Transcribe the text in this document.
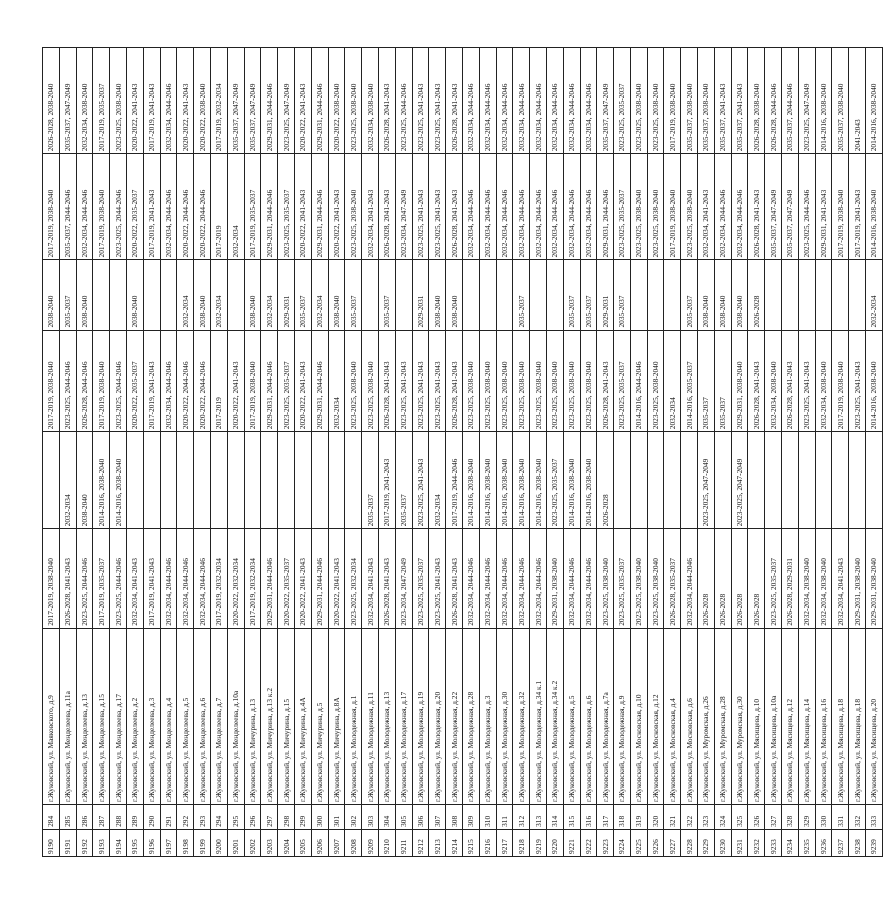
9190	284	г.Жуковский, ул. Маяковского, д.9	2017-2019, 2038-2040		2017-2019, 2038-2040	2038-2040	2017-2019, 2038-2040	2026-2028, 2038-2040
9191	285	г.Жуковский, ул. Менделеева, д.11а	2026-2028, 2041-2043	2032-2034	2023-2025, 2044-2046	2035-2037	2035-2037, 2044-2046	2035-2037, 2047-2049
9192	286	г.Жуковский, ул. Менделеева, д.13	2023-2025, 2044-2046	2038-2040	2026-2028, 2044-2046	2038-2040	2032-2034, 2044-2046	2032-2034, 2038-2040
9193	287	г.Жуковский, ул. Менделеева, д.15	2017-2019, 2035-2037	2014-2016, 2038-2040	2017-2019, 2038-2040		2017-2019, 2038-2040	2017-2019, 2035-2037
9194	288	г.Жуковский, ул. Менделеева, д.17	2023-2025, 2044-2046	2014-2016, 2038-2040	2023-2025, 2044-2046		2023-2025, 2044-2046	2023-2025, 2038-2040
9195	289	г.Жуковский, ул. Менделеева, д.2	2032-2034, 2041-2043		2020-2022, 2035-2037	2038-2040	2020-2022, 2035-2037	2020-2022, 2041-2043
9196	290	г.Жуковский, ул. Менделеева, д.3	2017-2019, 2041-2043		2017-2019, 2041-2043		2017-2019, 2041-2043	2017-2019, 2041-2043
9197	291	г.Жуковский, ул. Менделеева, д.4	2032-2034, 2044-2046		2032-2034, 2044-2046		2032-2034, 2044-2046	2032-2034, 2044-2046
9198	292	г.Жуковский, ул. Менделеева, д.5	2032-2034, 2044-2046		2020-2022, 2044-2046	2032-2034	2020-2022, 2044-2046	2020-2022, 2041-2043
9199	293	г.Жуковский, ул. Менделеева, д.6	2032-2034, 2044-2046		2020-2022, 2044-2046	2038-2040	2020-2022, 2044-2046	2020-2022, 2038-2040
9200	294	г.Жуковский, ул. Менделеева, д.7	2017-2019, 2032-2034		2017-2019	2032-2034	2017-2019	2017-2019, 2032-2034
9201	295	г.Жуковский, ул. Менделеева, д.10а	2020-2022, 2032-2034		2020-2022, 2041-2043		2032-2034	2035-2037, 2047-2049
9202	296	г.Жуковский, ул. Мичурина, д.13	2017-2019, 2032-2034		2017-2019, 2038-2040	2038-2040	2017-2019, 2035-2037	2035-2037, 2047-2049
9203	297	г.Жуковский, ул. Мичурина, д.13 к.2	2029-2031, 2044-2046		2029-2031, 2044-2046	2032-2034	2029-2031, 2044-2046	2029-2031, 2044-2046
9204	298	г.Жуковский, ул. Мичурина, д.15	2020-2022, 2035-2037		2023-2025, 2035-2037	2029-2031	2023-2025, 2035-2037	2023-2025, 2047-2049
9205	299	г.Жуковский, ул. Мичурина, д.4А	2020-2022, 2041-2043		2020-2022, 2041-2043	2035-2037	2020-2022, 2041-2043	2020-2022, 2041-2043
9206	300	г.Жуковский, ул. Мичурина, д.5	2029-2031, 2044-2046		2029-2031, 2044-2046	2032-2034	2029-2031, 2044-2046	2029-2031, 2044-2046
9207	301	г.Жуковский, ул. Мичурина, д.8А	2020-2022, 2041-2043		2032-2034	2038-2040	2020-2022, 2041-2043	2020-2022, 2038-2040
9208	302	г.Жуковский, ул. Молодежная, д.1	2023-2025, 2032-2034		2023-2025, 2038-2040	2035-2037	2023-2025, 2038-2040	2023-2025, 2038-2040
9209	303	г.Жуковский, ул. Молодежная, д.11	2032-2034, 2041-2043	2035-2037	2023-2025, 2038-2040		2032-2034, 2041-2043	2032-2034, 2038-2040
9210	304	г.Жуковский, ул. Молодежная, д.13	2026-2028, 2041-2043	2017-2019, 2041-2043	2026-2028, 2041-2043	2035-2037	2026-2028, 2041-2043	2026-2028, 2041-2043
9211	305	г.Жуковский, ул. Молодежная, д.17	2023-2034, 2047-2049	2035-2037	2023-2025, 2041-2043		2023-2034, 2047-2049	2023-2025, 2044-2046
9212	306	г.Жуковский, ул. Молодежная, д.19	2023-2025, 2035-2037	2023-2025, 2041-2043	2023-2025, 2041-2043	2029-2031	2023-2025, 2041-2043	2023-2025, 2041-2043
9213	307	г.Жуковский, ул. Молодежная, д.20	2023-2025, 2041-2043	2032-2034	2023-2025, 2041-2043	2038-2040	2023-2025, 2041-2043	2023-2025, 2041-2043
9214	308	г.Жуковский, ул. Молодежная, д.22	2026-2028, 2041-2043	2017-2019, 2044-2046	2026-2028, 2041-2043	2038-2040	2026-2028, 2041-2043	2026-2028, 2041-2043
9215	309	г.Жуковский, ул. Молодежная, д.28	2032-2034, 2044-2046	2014-2016, 2038-2040	2023-2025, 2038-2040		2032-2034, 2044-2046	2032-2034, 2044-2046
9216	310	г.Жуковский, ул. Молодежная, д.3	2032-2034, 2044-2046	2014-2016, 2038-2040	2023-2025, 2038-2040		2032-2034, 2044-2046	2032-2034, 2044-2046
9217	311	г.Жуковский, ул. Молодежная, д.30	2032-2034, 2044-2046	2014-2016, 2038-2040	2023-2025, 2038-2040		2032-2034, 2044-2046	2032-2034, 2044-2046
9218	312	г.Жуковский, ул. Молодежная, д.32	2032-2034, 2044-2046	2014-2016, 2038-2040	2023-2025, 2038-2040	2035-2037	2032-2034, 2044-2046	2032-2034, 2044-2046
9219	313	г.Жуковский, ул. Молодежная, д.34 к.1	2032-2034, 2044-2046	2014-2016, 2038-2040	2023-2025, 2038-2040		2032-2034, 2044-2046	2032-2034, 2044-2046
9220	314	г.Жуковский, ул. Молодежная, д.34 к.2	2029-2031, 2038-2040	2023-2025, 2035-2037	2023-2025, 2038-2040		2032-2034, 2044-2046	2032-2034, 2044-2046
9221	315	г.Жуковский, ул. Молодежная, д.5	2032-2034, 2044-2046	2014-2016, 2038-2040	2023-2025, 2038-2040	2035-2037	2032-2034, 2044-2046	2032-2034, 2044-2046
9222	316	г.Жуковский, ул. Молодежная, д.6	2032-2034, 2044-2046	2014-2016, 2038-2040	2023-2025, 2038-2040	2035-2037	2032-2034, 2044-2046	2032-2034, 2044-2046
9223	317	г.Жуковский, ул. Молодежная, д.7а	2023-2025, 2038-2040	2026-2028	2026-2028, 2041-2043	2029-2031	2029-2031, 2044-2046	2035-2037, 2047-2049
9224	318	г.Жуковский, ул. Молодежная, д.9	2023-2025, 2035-2037		2023-2025, 2035-2037	2035-2037	2023-2025, 2035-2037	2023-2025, 2035-2037
9225	319	г.Жуковский, ул. Московская, д.10	2023-2025, 2038-2040		2014-2016, 2044-2046		2023-2025, 2038-2040	2023-2025, 2038-2040
9226	320	г.Жуковский, ул. Московская, д.12	2023-2025, 2038-2040		2023-2025, 2038-2040		2023-2025, 2038-2040	2023-2025, 2038-2040
9227	321	г.Жуковский, ул. Московская, д.4	2026-2028, 2035-2037		2032-2034		2017-2019, 2038-2040	2017-2019, 2038-2040
9228	322	г.Жуковский, ул. Московская, д.6	2032-2034, 2044-2046		2014-2016, 2035-2037	2035-2037	2023-2025, 2038-2040	2035-2037, 2038-2040
9229	323	г.Жуковский, ул. Муромская, д.26	2026-2028	2023-2025, 2047-2049	2035-2037	2038-2040	2032-2034, 2041-2043	2035-2037, 2038-2040
9230	324	г.Жуковский, ул. Муромская, д.28	2026-2028		2035-2037	2038-2040	2032-2034, 2044-2046	2035-2037, 2041-2043
9231	325	г.Жуковский, ул. Муромская, д.30	2026-2028	2023-2025, 2047-2049	2029-2031, 2038-2040	2038-2040	2032-2034, 2044-2046	2035-2037, 2041-2043
9232	326	г.Жуковский, ул. Мясищева, д.10	2026-2028		2026-2028, 2041-2043	2026-2028	2026-2028, 2041-2043	2026-2028, 2038-2040
9233	327	г.Жуковский, ул. Мясищева, д.10а	2023-2025, 2035-2037		2032-2034, 2038-2040		2035-2037, 2047-2049	2026-2028, 2044-2046
9234	328	г.Жуковский, ул. Мясищева, д.12	2026-2028, 2029-2031		2026-2028, 2041-2043		2035-2037, 2047-2049	2035-2037, 2044-2046
9235	329	г.Жуковский, ул. Мясищева, д.14	2032-2034, 2038-2040		2023-2025, 2041-2043		2023-2025, 2044-2046	2023-2025, 2047-2049
9236	330	г.Жуковский, ул. Мясищева, д.16	2032-2034, 2038-2040		2032-2034, 2038-2040		2029-2031, 2041-2043	2014-2016, 2038-2040
9237	331	г.Жуковский, ул. Мясищева, д.18	2032-2034, 2041-2043		2017-2019, 2038-2040		2017-2019, 2038-2040	2035-2037, 2038-2040
9238	332	г.Жуковский, ул. Мясищева, д.18	2029-2031, 2038-2040		2023-2025, 2041-2043		2017-2019, 2041-2043	2041-2043
9239	333	г.Жуковский, ул. Мясищева, д.20	2029-2031, 2038-2040		2014-2016, 2038-2040	2032-2034	2014-2016, 2038-2040	2014-2016, 2038-2040
